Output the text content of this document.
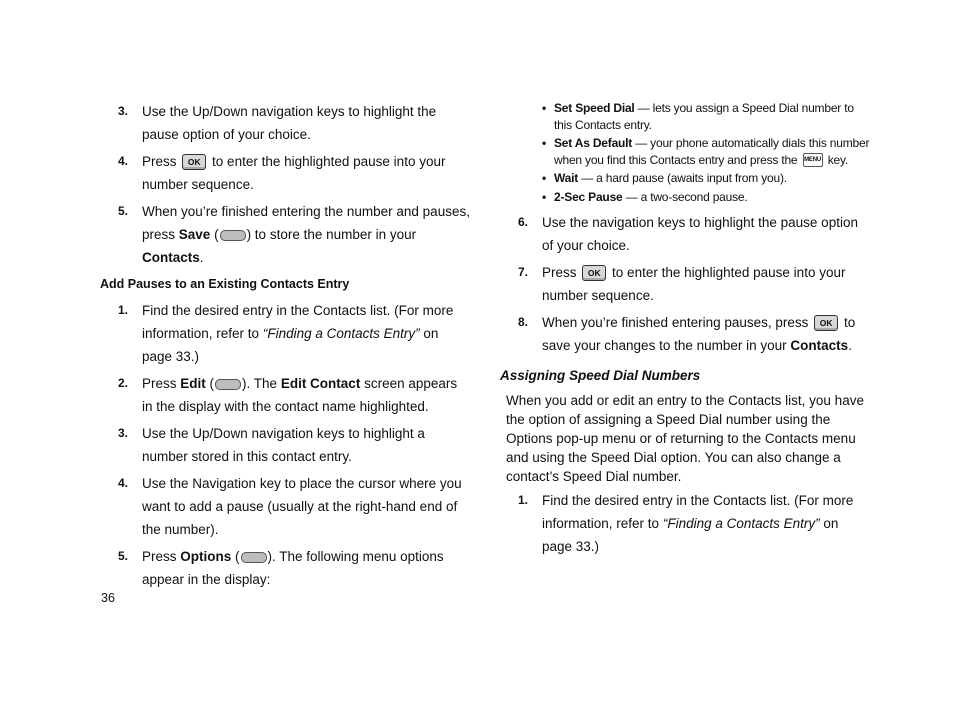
3. Use the Up/Down navigation keys to highlight the pause option of your choice.
4. Press OK to enter the highlighted pause into your number sequence.
5. When you’re finished entering the number and pauses, press Save ( ) to store the number in your Contacts.
Add Pauses to an Existing Contacts Entry
1. Find the desired entry in the Contacts list. (For more information, refer to “Finding a Contacts Entry” on page 33.)
2. Press Edit ( ). The Edit Contact screen appears in the display with the contact name highlighted.
3. Use the Up/Down navigation keys to highlight a number stored in this contact entry.
4. Use the Navigation key to place the cursor where you want to add a pause (usually at the right-hand end of the number).
5. Press Options ( ). The following menu options appear in the display:
• Set Speed Dial — lets you assign a Speed Dial number to this Contacts entry.
• Set As Default — your phone automatically dials this number when you find this Contacts entry and press the MENU key.
• Wait — a hard pause (awaits input from you).
• 2-Sec Pause — a two-second pause.
6. Use the navigation keys to highlight the pause option of your choice.
7. Press OK to enter the highlighted pause into your number sequence.
8. When you’re finished entering pauses, press OK to save your changes to the number in your Contacts.
Assigning Speed Dial Numbers
When you add or edit an entry to the Contacts list, you have the option of assigning a Speed Dial number using the Options pop-up menu or of returning to the Contacts menu and using the Speed Dial option. You can also change a contact’s Speed Dial number.
1. Find the desired entry in the Contacts list. (For more information, refer to “Finding a Contacts Entry” on page 33.)
36
